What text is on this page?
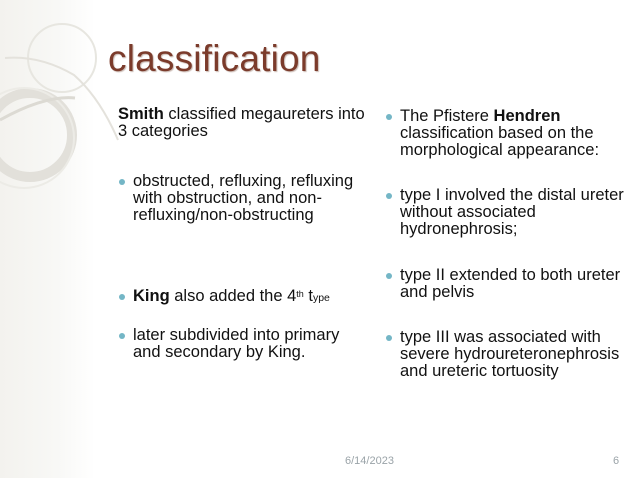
classification
Smith classified megaureters into 3 categories
obstructed, refluxing, refluxing with obstruction, and non-refluxing/non-obstructing
King also added the 4th type
later subdivided into primary and secondary by King.
The Pfistere Hendren classification based on the morphological appearance:
type I involved the distal ureter without associated hydronephrosis;
type II extended to both ureter and pelvis
type III was associated with severe hydroureteronephrosis and ureteric tortuosity
6/14/2023	6
